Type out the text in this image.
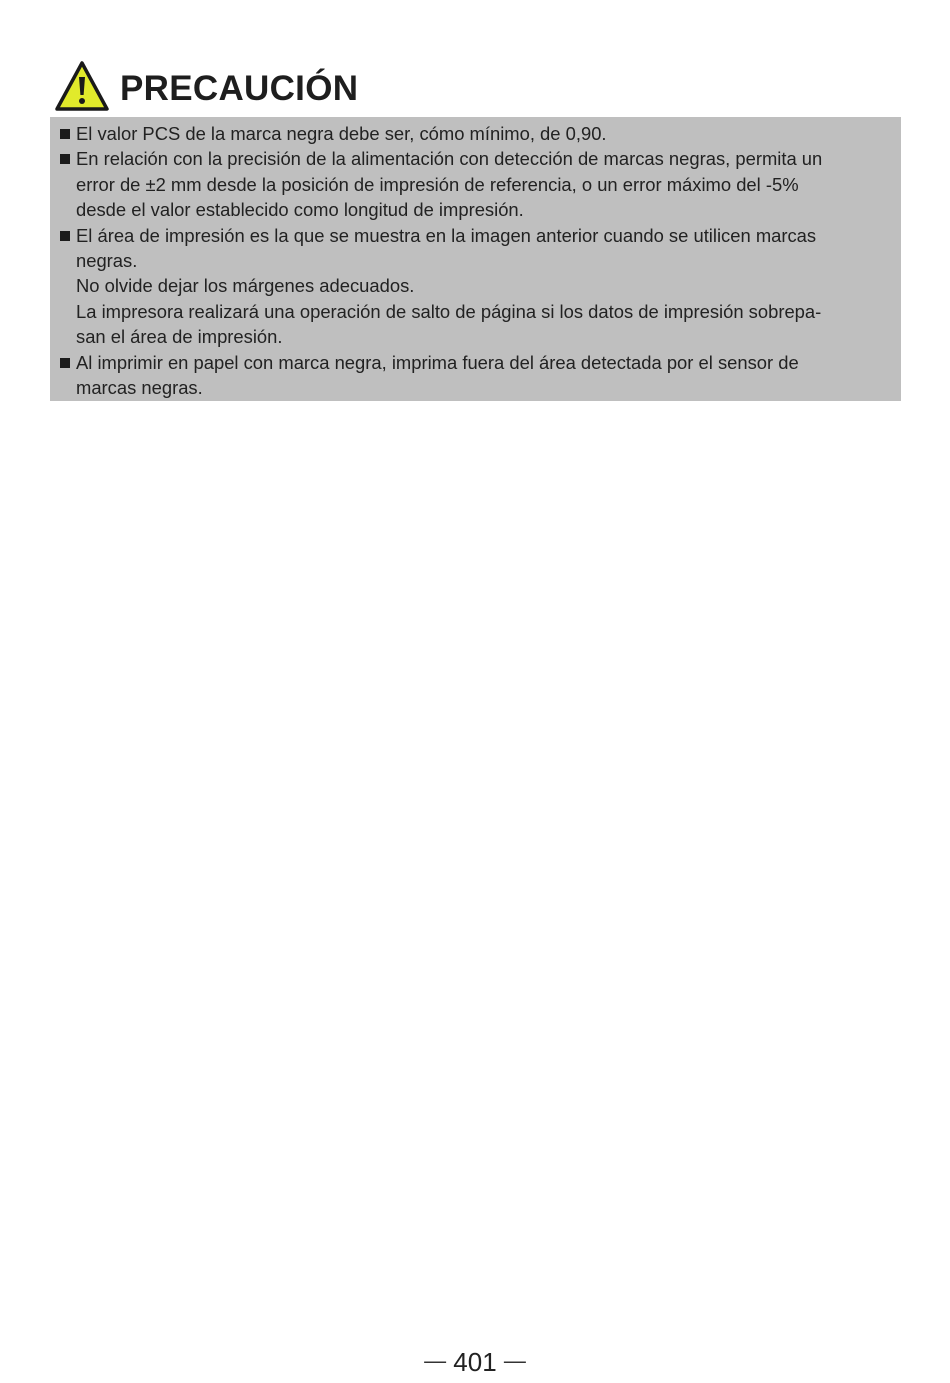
PRECAUCIÓN
El valor PCS de la marca negra debe ser, cómo mínimo, de 0,90.
En relación con la precisión de la alimentación con detección de marcas negras, permita un
error de ±2 mm desde la posición de impresión de referencia, o un error máximo del -5%
desde el valor establecido como longitud de impresión.
El área de impresión es la que se muestra en la imagen anterior cuando se utilicen marcas
negras.
No olvide dejar los márgenes adecuados.
La impresora realizará una operación de salto de página si los datos de impresión sobrepa-
san el área de impresión.
Al imprimir en papel con marca negra, imprima fuera del área detectada por el sensor de
marcas negras.
— 401 —
